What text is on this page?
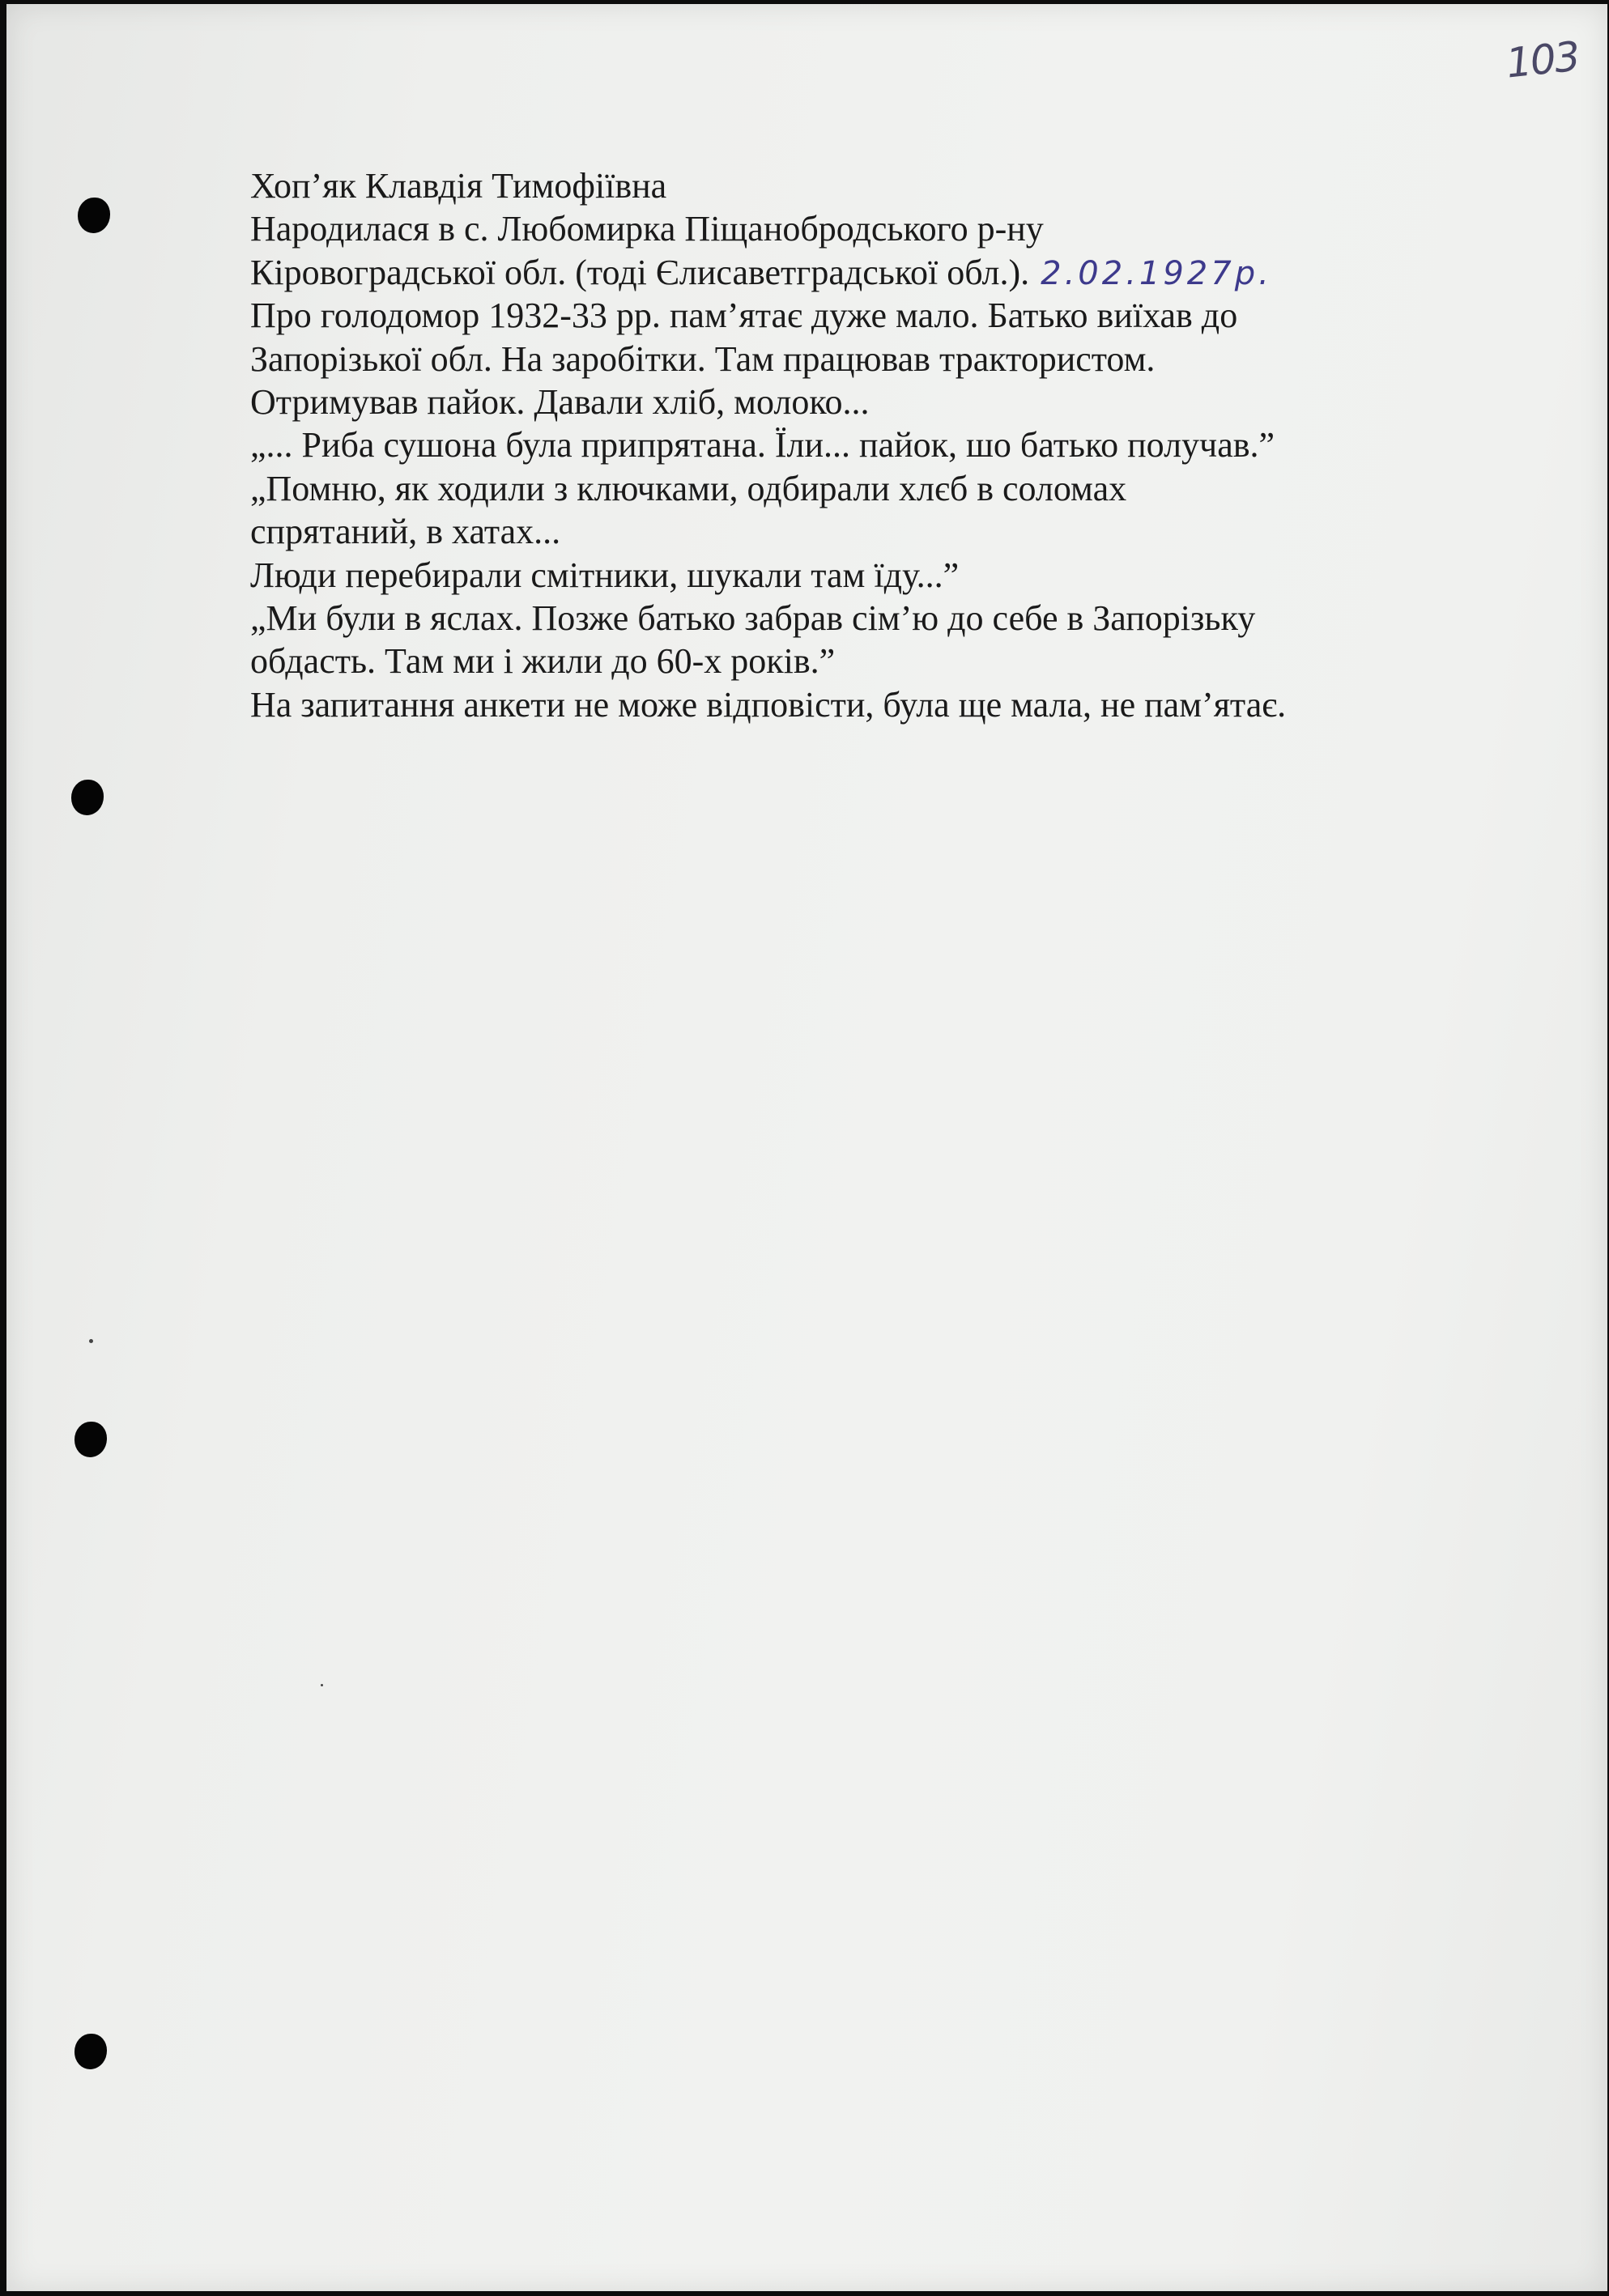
103
Хоп’як Клавдія Тимофіївна
Народилася в с. Любомирка Піщанобродського р-ну
Кіровоградської обл. (тоді Єлисаветградської обл.). 2.02.1927р.
Про голодомор 1932-33 рр. пам’ятає дуже мало. Батько виїхав до
Запорізької обл. На заробітки. Там працював трактористом.
Отримував пайок. Давали хліб, молоко...
„... Риба сушона була припрятана. Їли... пайок, шо батько получав.”
„Помню, як ходили з ключками, одбирали хлєб в соломах
спрятаний, в хатах...
Люди перебирали смітники, шукали там їду...”
„Ми були в яслах. Позже батько забрав сім’ю до себе в Запорізьку
обдасть. Там ми і жили до 60-х років.”
На запитання анкети не може відповісти, була ще мала, не пам’ятає.
